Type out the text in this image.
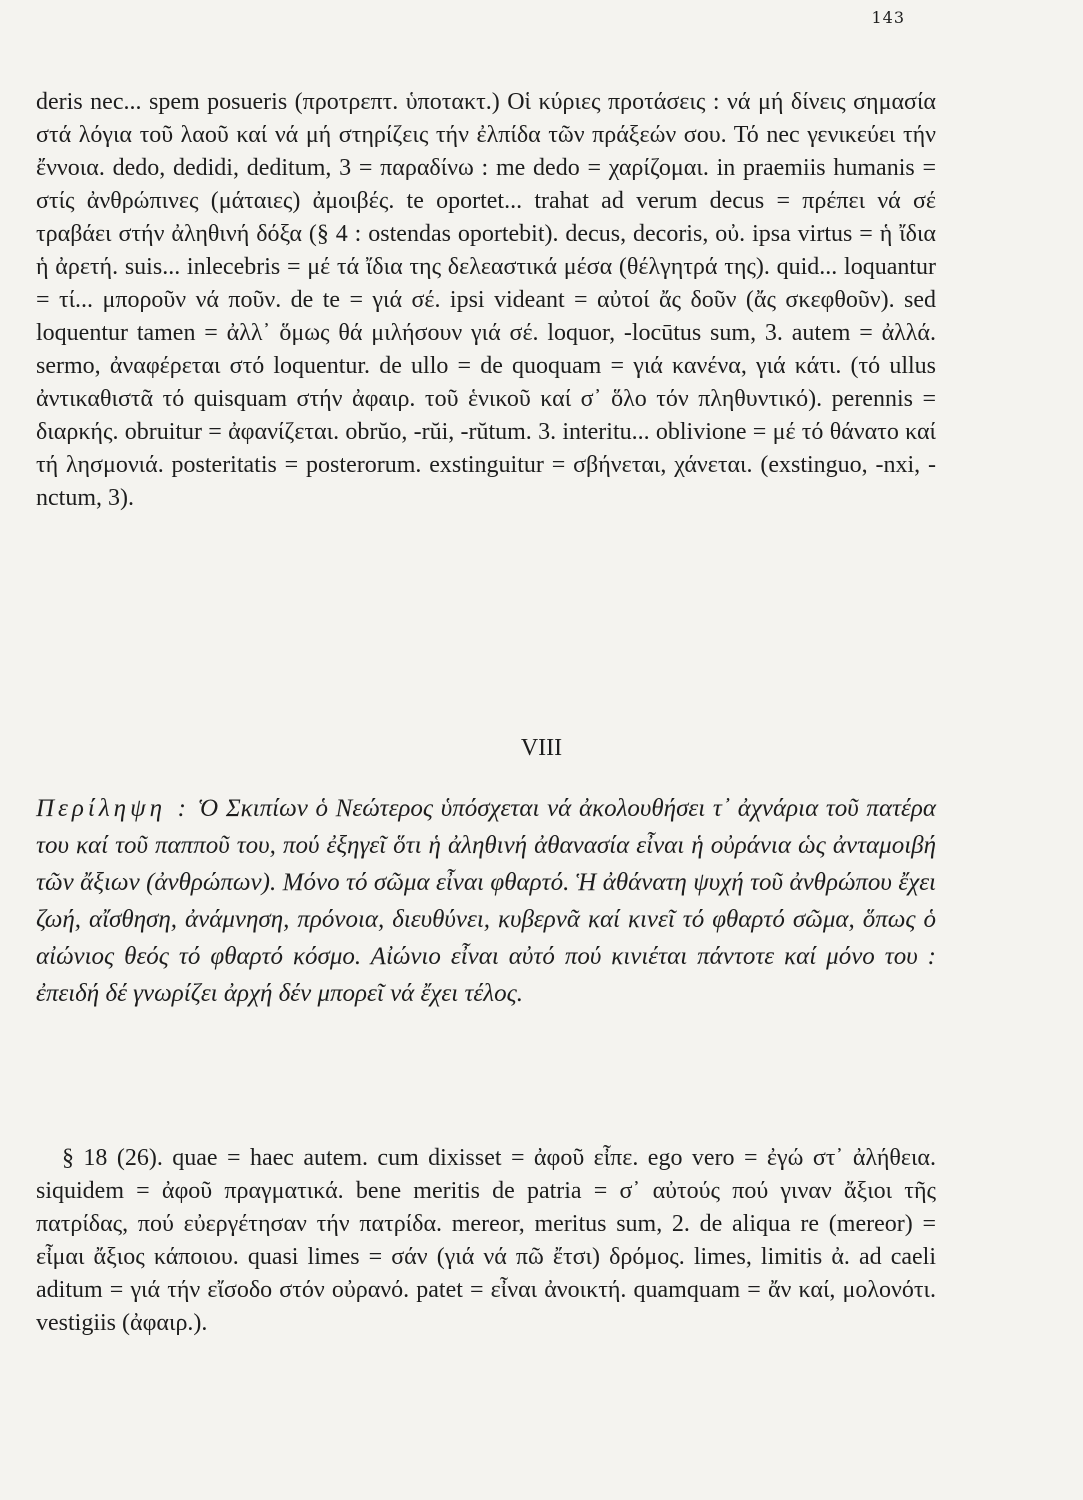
143

deris nec... spem posueris (προτρεπτ. ὑποτακτ.) Οἱ κύριες προτάσεις : νά μή δίνεις σημασία στά λόγια τοῦ λαοῦ καί νά μή στηρίζεις τήν ἐλπίδα τῶν πράξεών σου. Τό nec γενικεύει τήν ἔννοια. dedo, dedidi, deditum, 3 = παραδίνω : me dedo = χαρίζομαι. in praemiis humanis = στίς ἀνθρώπινες (μάταιες) ἀμοιβές. te oportet... trahat ad verum decus = πρέπει νά σέ τραβάει στήν ἀληθινή δόξα (§ 4 : ostendas oportebit). decus, decoris, οὐ. ipsa virtus = ἡ ἴδια ἡ ἀρετή. suis... inlecebris = μέ τά ἴδια της δελεαστικά μέσα (θέλγητρά της). quid... loquantur = τί... μποροῦν νά ποῦν. de te = γιά σέ. ipsi videant = αὐτοί ἄς δοῦν (ἄς σκεφθοῦν). sed loquentur tamen = ἀλλ᾽ ὅμως θά μιλήσουν γιά σέ. loquor, -locūtus sum, 3. autem = ἀλλά. sermo, ἀναφέρεται στό loquentur. de ullo = de quoquam = γιά κανένα, γιά κάτι. (τό ullus ἀντικαθιστᾶ τό quisquam στήν ἀφαιρ. τοῦ ἑνικοῦ καί σ᾽ ὅλο τόν πληθυντικό). perennis = διαρκής. obruitur = ἀφανίζεται. obrŭo, -rŭi, -rŭtum. 3. interitu... oblivione = μέ τό θάνατο καί τή λησμονιά. posteritatis = posterorum. exstinguitur = σβήνεται, χάνεται. (exstinguo, -nxi, -nctum, 3).

VIII

Περίληψη : Ὁ Σκιπίων ὁ Νεώτερος ὑπόσχεται νά ἀκολουθήσει τ᾽ ἀχνάρια τοῦ πατέρα του καί τοῦ παπποῦ του, πού ἐξηγεῖ ὅτι ἡ ἀληθινή ἀθανασία εἶναι ἡ οὐράνια ὡς ἀνταμοιβή τῶν ἄξιων (ἀνθρώπων). Μόνο τό σῶμα εἶναι φθαρτό. Ἡ ἀθάνατη ψυχή τοῦ ἀνθρώπου ἔχει ζωή, αἴσθηση, ἀνάμνηση, πρόνοια, διευθύνει, κυβερνᾶ καί κινεῖ τό φθαρτό σῶμα, ὅπως ὁ αἰώνιος θεός τό φθαρτό κόσμο. Αἰώνιο εἶναι αὐτό πού κινιέται πάντοτε καί μόνο του : ἐπειδή δέ γνωρίζει ἀρχή δέν μπορεῖ νά ἔχει τέλος.

§ 18 (26). quae = haec autem. cum dixisset = ἀφοῦ εἶπε. ego vero = ἐγώ στ᾽ ἀλήθεια. siquidem = ἀφοῦ πραγματικά. bene meritis de patria = σ᾽ αὐτούς πού γιναν ἄξιοι τῆς πατρίδας, πού εὐεργέτησαν τήν πατρίδα. mereor, meritus sum, 2. de aliqua re (mereor) = εἶμαι ἄξιος κάποιου. quasi limes = σάν (γιά νά πῶ ἔτσι) δρόμος. limes, limitis ἀ. ad caeli aditum = γιά τήν εἴσοδο στόν οὐρανό. patet = εἶναι ἀνοικτή. quamquam = ἄν καί, μολονότι. vestigiis (ἀφαιρ.).
